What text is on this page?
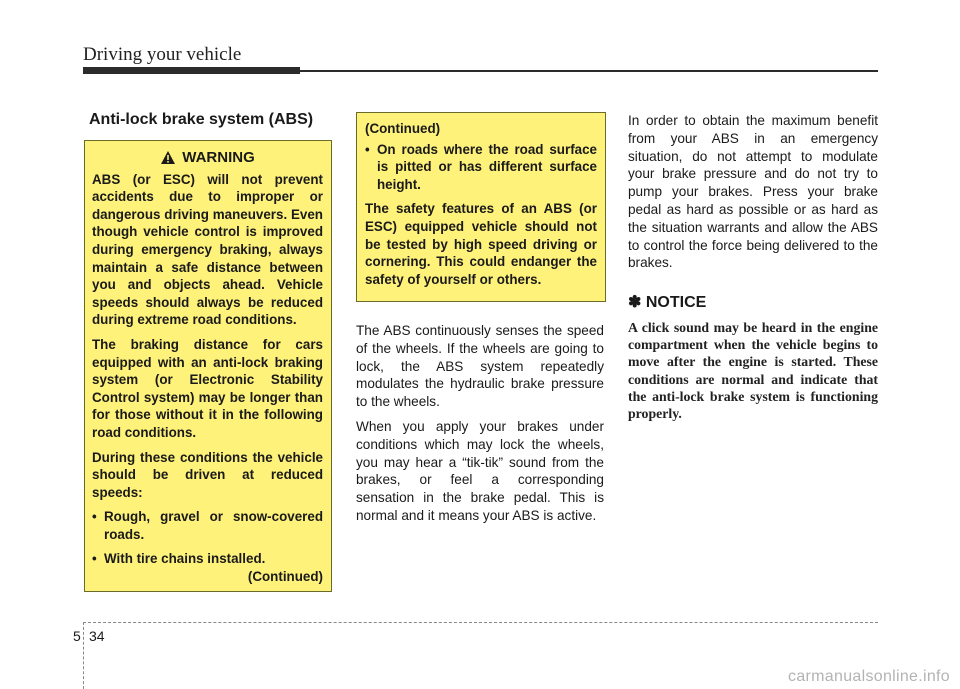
Driving your vehicle
Anti-lock brake system (ABS)
WARNING

ABS (or ESC) will not prevent accidents due to improper or dangerous driving maneuvers. Even though vehicle control is improved during emergency braking, always maintain a safe distance between you and objects ahead. Vehicle speeds should always be reduced during extreme road conditions.

The braking distance for cars equipped with an anti-lock braking system (or Electronic Stability Control system) may be longer than for those without it in the following road conditions.

During these conditions the vehicle should be driven at reduced speeds:

• Rough, gravel or snow-covered roads.
• With tire chains installed.

(Continued)

(Continued)

• On roads where the road surface is pitted or has different surface height.

The safety features of an ABS (or ESC) equipped vehicle should not be tested by high speed driving or cornering. This could endanger the safety of yourself or others.

The ABS continuously senses the speed of the wheels. If the wheels are going to lock, the ABS system repeatedly modulates the hydraulic brake pressure to the wheels.

When you apply your brakes under conditions which may lock the wheels, you may hear a “tik-tik” sound from the brakes, or feel a corresponding sensation in the brake pedal. This is normal and it means your ABS is active.

In order to obtain the maximum benefit from your ABS in an emergency situation, do not attempt to modulate your brake pressure and do not try to pump your brakes. Press your brake pedal as hard as possible or as hard as the situation warrants and allow the ABS to control the force being delivered to the brakes.

✽ NOTICE

A click sound may be heard in the engine compartment when the vehicle begins to move after the engine is started. These conditions are normal and indicate that the anti-lock brake system is functioning properly.

5 34
carmanualsonline.info
